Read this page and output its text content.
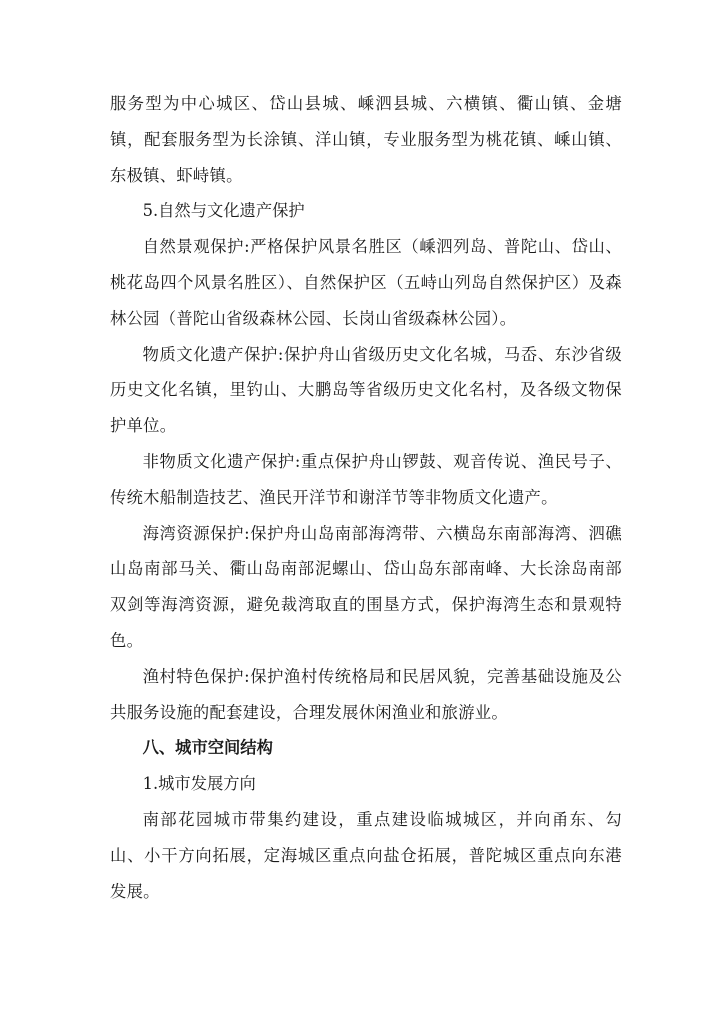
服务型为中心城区、岱山县城、嵊泗县城、六横镇、衢山镇、金塘镇，配套服务型为长涂镇、洋山镇，专业服务型为桃花镇、嵊山镇、东极镇、虾峙镇。

5.自然与文化遗产保护

自然景观保护:严格保护风景名胜区（嵊泗列岛、普陀山、岱山、桃花岛四个风景名胜区）、自然保护区（五峙山列岛自然保护区）及森林公园（普陀山省级森林公园、长岗山省级森林公园）。

物质文化遗产保护:保护舟山省级历史文化名城，马岙、东沙省级历史文化名镇，里钓山、大鹏岛等省级历史文化名村，及各级文物保护单位。

非物质文化遗产保护:重点保护舟山锣鼓、观音传说、渔民号子、传统木船制造技艺、渔民开洋节和谢洋节等非物质文化遗产。

海湾资源保护:保护舟山岛南部海湾带、六横岛东南部海湾、泗礁山岛南部马关、衢山岛南部泥螺山、岱山岛东部南峰、大长涂岛南部双剑等海湾资源，避免裁湾取直的围垦方式，保护海湾生态和景观特色。

渔村特色保护:保护渔村传统格局和民居风貌，完善基础设施及公共服务设施的配套建设，合理发展休闲渔业和旅游业。

八、城市空间结构

1.城市发展方向

南部花园城市带集约建设，重点建设临城城区，并向甬东、勾山、小干方向拓展，定海城区重点向盐仓拓展，普陀城区重点向东港发展。
